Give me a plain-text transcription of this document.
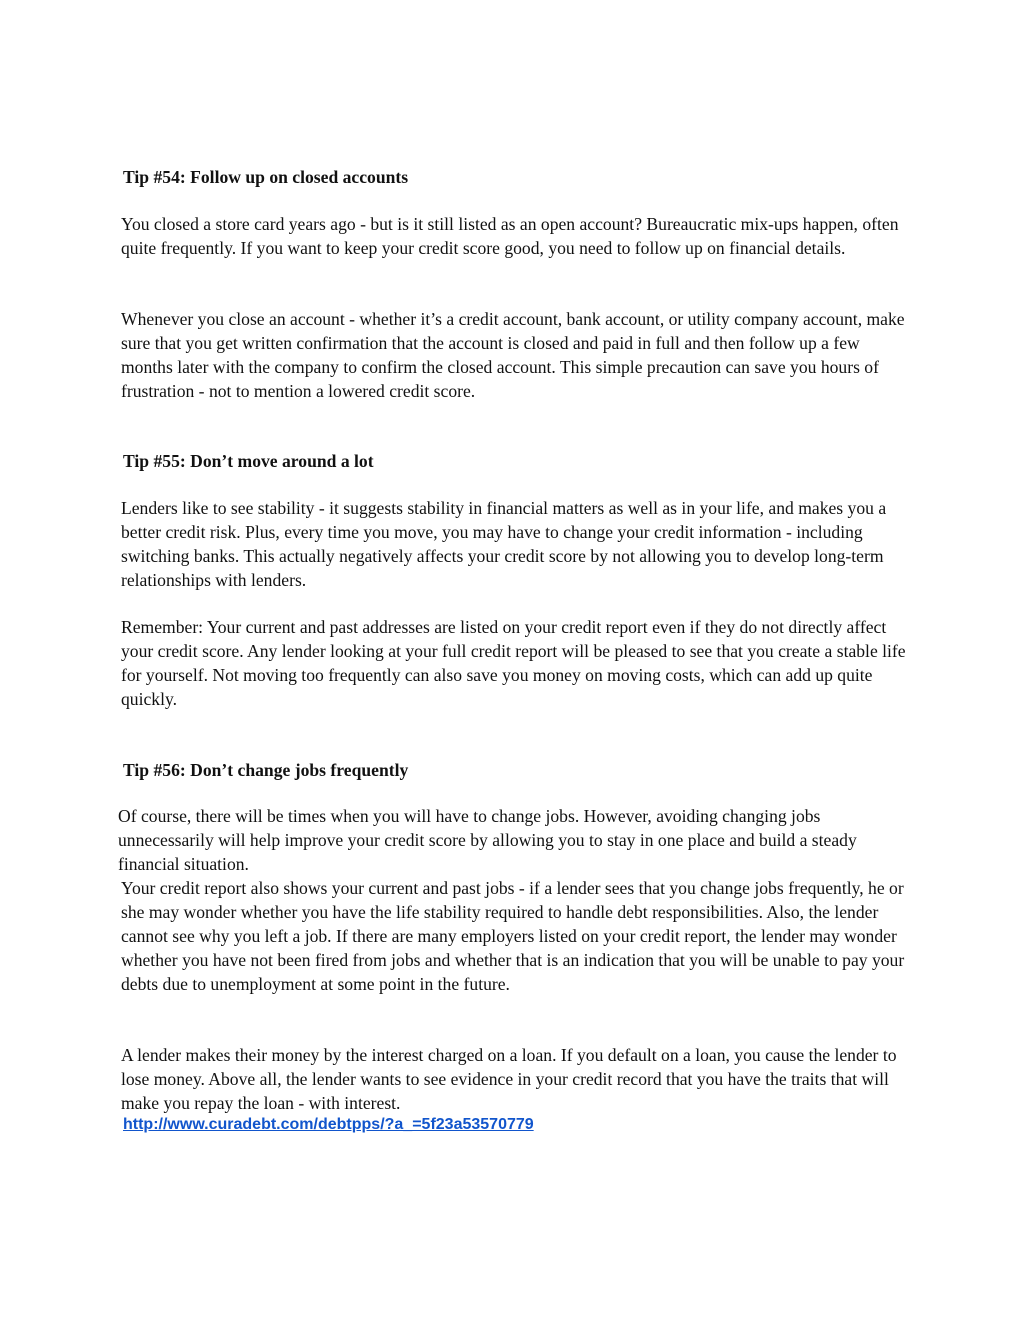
Tip #54: Follow up on closed accounts

You closed a store card years ago - but is it still listed as an open account? Bureaucratic mix-ups happen, often quite frequently. If you want to keep your credit score good, you need to follow up on financial details.

Whenever you close an account - whether it’s a credit account, bank account, or utility company account, make sure that you get written confirmation that the account is closed and paid in full and then follow up a few months later with the company to confirm the closed account. This simple precaution can save you hours of frustration - not to mention a lowered credit score.

Tip #55: Don’t move around a lot

Lenders like to see stability - it suggests stability in financial matters as well as in your life, and makes you a better credit risk. Plus, every time you move, you may have to change your credit information - including switching banks. This actually negatively affects your credit score by not allowing you to develop long-term relationships with lenders.

Remember: Your current and past addresses are listed on your credit report even if they do not directly affect your credit score. Any lender looking at your full credit report will be pleased to see that you create a stable life for yourself. Not moving too frequently can also save you money on moving costs, which can add up quite quickly.

Tip #56: Don’t change jobs frequently

Of course, there will be times when you will have to change jobs. However, avoiding changing jobs unnecessarily will help improve your credit score by allowing you to stay in one place and build a steady financial situation.

Your credit report also shows your current and past jobs - if a lender sees that you change jobs frequently, he or she may wonder whether you have the life stability required to handle debt responsibilities. Also, the lender cannot see why you left a job. If there are many employers listed on your credit report, the lender may wonder whether you have not been fired from jobs and whether that is an indication that you will be unable to pay your debts due to unemployment at some point in the future.

A lender makes their money by the interest charged on a loan. If you default on a loan, you cause the lender to lose money. Above all, the lender wants to see evidence in your credit record that you have the traits that will make you repay the loan - with interest.

http://www.curadebt.com/debtpps/?a_=5f23a53570779
